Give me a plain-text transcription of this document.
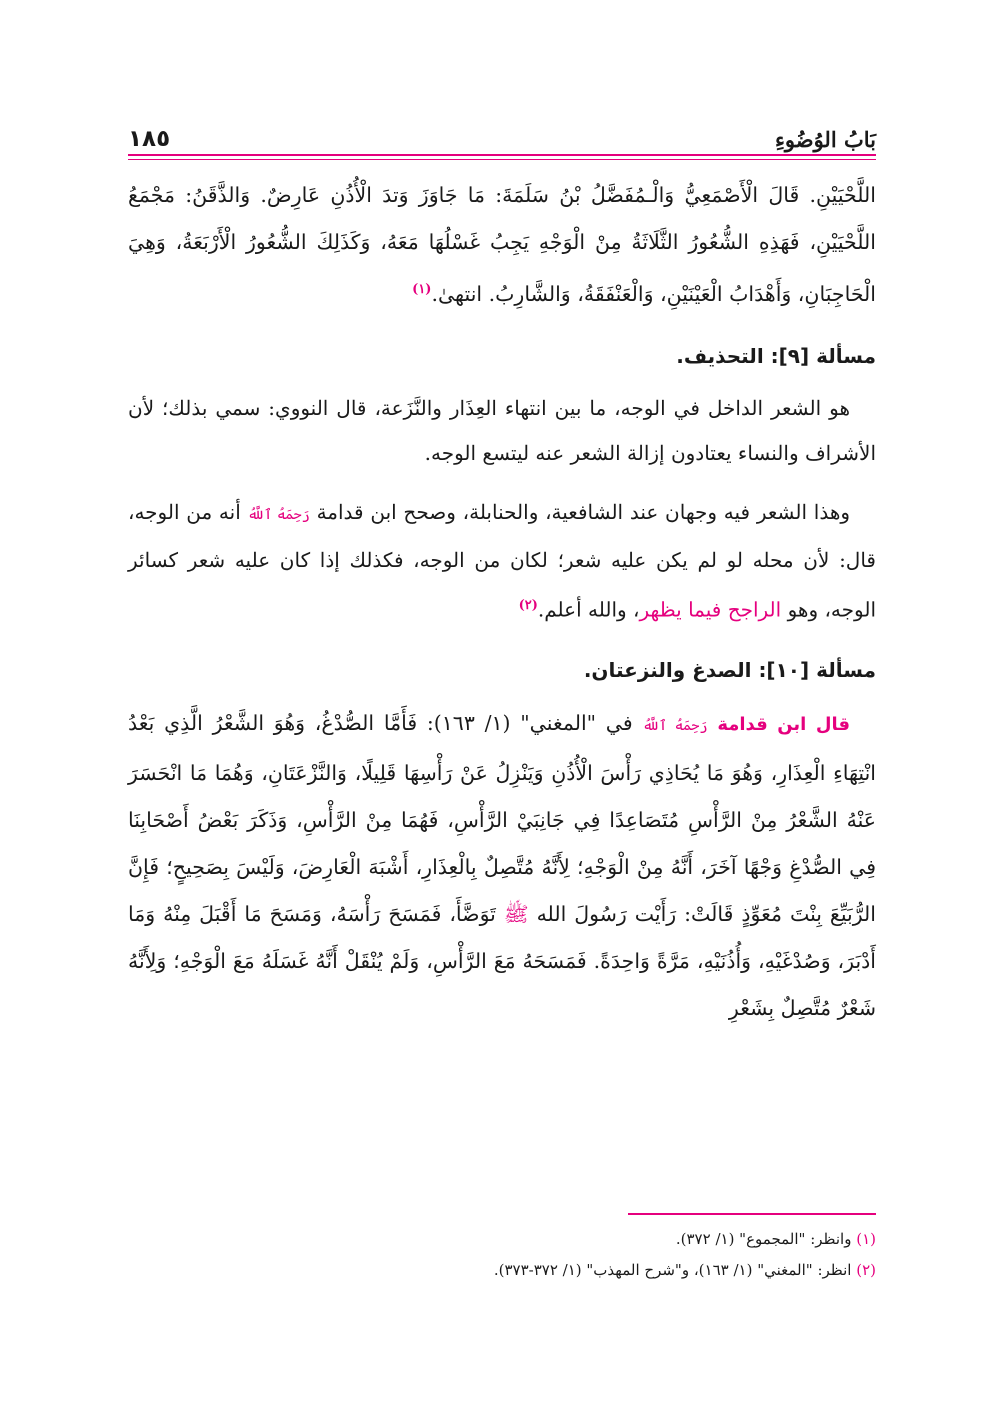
بَابُ الوُضُوءِ
١٨٥

اللَّحْيَيْنِ. قَالَ الْأَصْمَعِيُّ وَالْـمُفَضَّلُ بْنُ سَلَمَةَ: مَا جَاوَزَ وَتدَ الْأُذُنِ عَارِضٌ. وَالذَّقَنُ: مَجْمَعُ اللَّحْيَيْنِ، فَهَذِهِ الشُّعُورُ الثَّلَاثَةُ مِنْ الْوَجْهِ يَجِبُ غَسْلُهَا مَعَهُ، وَكَذَلِكَ الشُّعُورُ الْأَرْبَعَةُ، وَهِيَ الْحَاجِبَانِ، وَأَهْدَابُ الْعَيْنَيْنِ، وَالْعَنْفَقَةُ، وَالشَّارِبُ. انتهىٰ.$^{(١)}$

مسألة [٩]: التحذيف.

هو الشعر الداخل في الوجه، ما بين انتهاء العِذَار والنَّزَعة، قال النووي: سمي بذلك؛ لأن الأشراف والنساء يعتادون إزالة الشعر عنه ليتسع الوجه.

وهذا الشعر فيه وجهان عند الشافعية، والحنابلة، وصحح ابن قدامة رَحِمَهُ ٱللَّهُ أنه من الوجه، قال: لأن محله لو لم يكن عليه شعر؛ لكان من الوجه، فكذلك إذا كان عليه شعر كسائر الوجه، وهو الراجح فيما يظهر، والله أعلم.$^{(٢)}$

مسألة [١٠]: الصدغ والنزعتان.

قال ابن قدامة رَحِمَهُ ٱللَّهُ في "المغني" (١/ ١٦٣): فَأَمَّا الصُّدْغُ، وَهُوَ الشَّعْرُ الَّذِي بَعْدُ انْتِهَاءِ الْعِذَارِ، وَهُوَ مَا يُحَاذِي رَأْسَ الْأُذُنِ وَيَنْزِلُ عَنْ رَأْسِهَا قَلِيلًا، وَالنَّزْعَتَانِ، وَهُمَا مَا انْحَسَرَ عَنْهُ الشَّعْرُ مِنْ الرَّأْسِ مُتَصَاعِدًا فِي جَانِبَيْ الرَّأْسِ، فَهُمَا مِنْ الرَّأْسِ، وَذَكَرَ بَعْضُ أَصْحَابِنَا فِي الصُّدْغِ وَجْهًا آخَرَ، أَنَّهُ مِنْ الْوَجْهِ؛ لِأَنَّهُ مُتَّصِلٌ بِالْعِذَارِ، أَشْبَهَ الْعَارِضَ، وَلَيْسَ بِصَحِيحٍ؛ فَإِنَّ الرُّبَيِّعَ بِنْتَ مُعَوِّذٍ قَالَتْ: رَأَيْت رَسُولَ الله ﷺ تَوَضَّأَ، فَمَسَحَ رَأْسَهُ، وَمَسَحَ مَا أَقْبَلَ مِنْهُ وَمَا أَدْبَرَ، وَصُدْغَيْهِ، وَأُذُنَيْهِ، مَرَّةً وَاحِدَةً. فَمَسَحَهُ مَعَ الرَّأْسِ، وَلَمْ يُنْقَلْ أَنَّهُ غَسَلَهُ مَعَ الْوَجْهِ؛ وَلِأَنَّهُ شَعْرٌ مُتَّصِلٌ بِشَعْرِ

(١) وانظر: "المجموع" (١/ ٣٧٢).

(٢) انظر: "المغني" (١/ ١٦٣)، و"شرح المهذب" (١/ ٣٧٢-٣٧٣).
